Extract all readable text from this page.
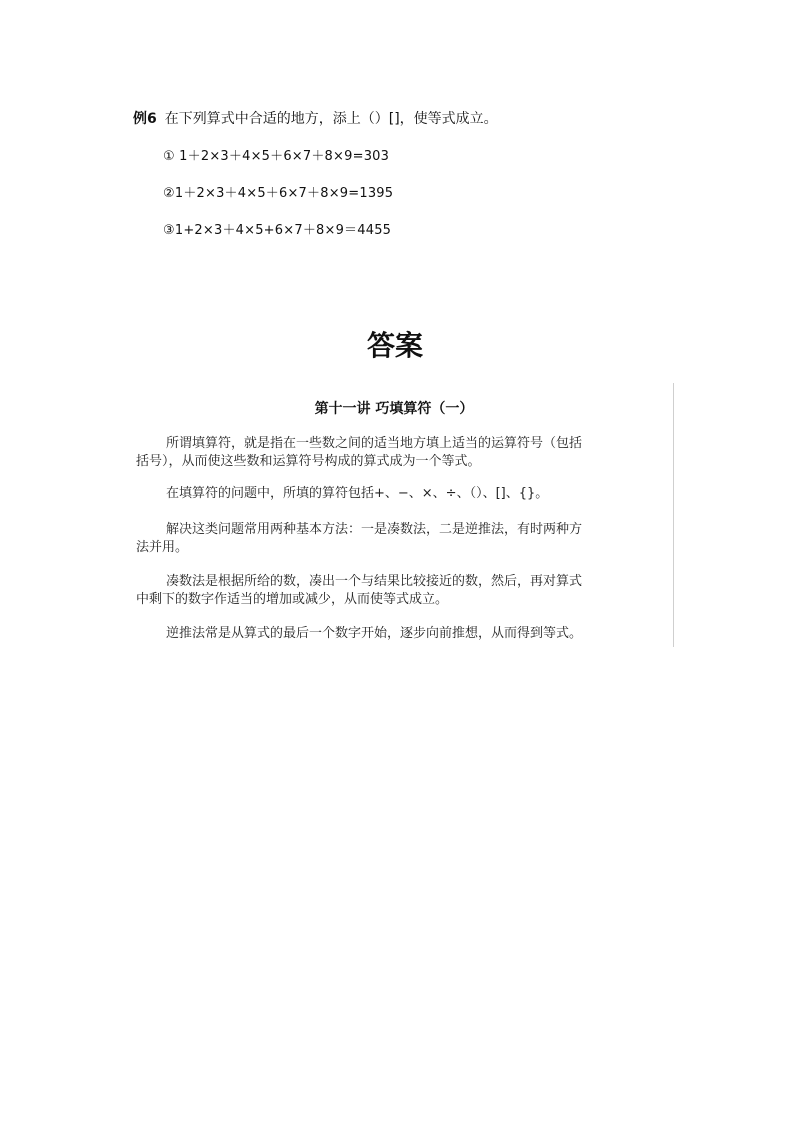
例6 在下列算式中合适的地方，添上（）[]，使等式成立。
① 1＋2×3＋4×5＋6×7＋8×9=303
②1＋2×3＋4×5＋6×7＋8×9=1395
③1+2×3＋4×5+6×7＋8×9＝4455
答案
第十一讲 巧填算符（一）
所谓填算符，就是指在一些数之间的适当地方填上适当的运算符号（包括
括号），从而使这些数和运算符号构成的算式成为一个等式。
在填算符的问题中，所填的算符包括+、−、×、÷、（）、[]、{}。
解决这类问题常用两种基本方法：一是凑数法，二是逆推法，有时两种方
法并用。
凑数法是根据所给的数，凑出一个与结果比较接近的数，然后，再对算式
中剩下的数字作适当的增加或减少，从而使等式成立。
逆推法常是从算式的最后一个数字开始，逐步向前推想，从而得到等式。
